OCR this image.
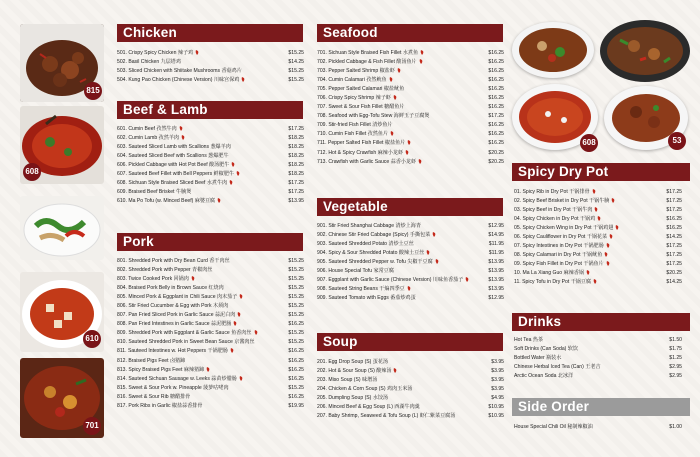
815
608
610
701
608	53
Chicken
501. Crispy Spicy Chicken 辣子鸡	$15.25
502. Basil Chicken 九层塔鸡	$14.25
503. Sliced Chicken with Shiitake Mushrooms 香菇鸡片	$15.25
504. Kung Pao Chicken (Chinese Version) 川味宫保鸡	$15.25
Beef & Lamb
601. Cumin Beef 孜然牛肉	$17.25
602. Cumin Lamb 孜然羊肉	$18.25
603. Sauteed Sliced Lamb with Scallions 葱爆羊肉	$18.25
604. Sauteed Sliced Beef with Scallions 葱爆肥牛	$18.25
606. Pickled Cabbage with Hot Pot Beef 酸汤肥牛	$18.25
607. Sauteed Beef Fillet with Bell Peppers 鲜椒肥牛	$18.25
608. Sichuan Style Braised Sliced Beef 水煮牛肉	$17.25
609. Braised Beef Brisket 牛腩煲	$17.25
610. Ma Po Tofu (w. Minced Beef) 麻婆豆腐	$13.95
Pork
801. Shredded Pork with Dry Bean Curd 香干肉丝	$15.25
802. Shredded Pork with Pepper 青椒肉丝	$15.25
803. Twice Cooked Pork 回锅肉	$15.25
804. Braised Pork Belly in Brown Sauce 红烧肉	$15.25
805. Minced Pork & Eggplant in Chili Sauce 肉末茄子	$15.25
806. Stir Fried Cucumber & Egg with Pork 木须肉	$15.25
807. Pan Fried Sliced Pork in Garlic Sauce 蒜泥白肉	$15.25
808. Pan Fried Intestines in Garlic Sauce 蒜泥肥肠	$16.25
809. Shredded Pork with Eggplant & Garlic Sauce 鱼香肉丝	$15.25
810. Sauteed Shredded Pork in Sweet Bean Sauce 京酱肉丝	$15.25
811. Sauteed Intestines w. Hot Peppers 干锅肥肠	$16.25
812. Braised Pigs Feet 卤猪蹄	$16.25
813. Spicy Braised Pigs Feet 麻辣猪蹄	$16.25
814. Sauteed Sichuan Sausage w. Leeks 蒜苗炒腊肠	$16.25
815. Sweet & Sour Pork w. Pineapple 菠萝咕咾肉	$15.25
816. Sweet & Sour Rib 糖醋排骨	$16.25
817. Pork Ribs in Garlic 椒盐蒜香排骨	$19.95
Seafood
701. Sichuan Style Braised Fish Fillet 水煮鱼	$16.25
702. Pickled Cabbage & Fish Fillet 酸汤鱼片	$16.25
703. Pepper Salted Shrimp 椒盐虾	$16.25
704. Cumin Calamari 孜然鱿鱼	$16.25
705. Pepper Salted Calamari 椒盐鱿鱼	$16.25
706. Crispy Spicy Shrimp 辣子虾	$16.25
707. Sweet & Sour Fish Fillet 糖醋鱼片	$16.25
708. Seafood with Egg-Tofu Stew 海鲜玉子豆腐煲	$17.25
709. Stir-fried Fish Fillet 清炒鱼片	$16.25
710. Cumin Fish Fillet 孜然鱼片	$16.25
711. Pepper Salted Fish Fillet 椒盐鱼片	$16.25
712. Hot & Spicy Crawfish 麻辣小龙虾	$20.25
713. Crawfish with Garlic Sauce 蒜香小龙虾	$20.25
Vegetable
901. Stir Fried Shanghai Cabbage 清炒上海青	$12.95
902. Chinese Stir Fried Cabbage (Spicy) 手撕包菜	$14.95
903. Sauteed Shredded Potato 清炒土豆丝	$11.95
904. Spicy & Sour Shredded Potato 酸辣土豆丝	$11.95
905. Sauteed Shredded Pepper w. Tofu 尖椒干豆腐	$13.95
906. House Special Tofu 家常豆腐	$13.95
907. Eggplant with Garlic Sauce (Chinese Version) 川味鱼香茄子	$13.95
908. Sauteed String Beans 干煸四季豆	$13.95
909. Sauteed Tomato with Eggs 番茄炒鸡蛋	$12.95
Soup
201. Egg Drop Soup (S) 蛋花汤	$3.95
202. Hot & Sour Soup (S) 酸辣汤	$3.95
203. Miso Soup (S) 味增汤	$3.95
204. Chicken & Corn Soup (S) 鸡肉玉米汤	$3.95
205. Dumpling Soup (S) 水饺汤	$4.95
206. Minced Beef & Egg Soup (L) 西湖牛肉羹	$10.95
207. Baby Shrimp, Seaweed & Tofu Soup (L) 虾仁紫菜豆腐汤	$10.95
Spicy Dry Pot
01. Spicy Rib in Dry Pot 干锅排骨	$17.25
02. Spicy Beef Brisket in Dry Pot 干锅牛腩	$17.25
03. Spicy Beef in Dry Pot 干锅牛肉	$17.25
04. Spicy Chicken in Dry Pot 干锅鸡	$16.25
05. Spicy Chicken Wing in Dry Pot 干锅鸡翅	$16.25
06. Spicy Cauliflower in Dry Pot 干锅花菜	$14.25
07. Spicy Intestines in Dry Pot 干锅肥肠	$17.25
08. Spicy Calamari in Dry Pot 干锅鱿鱼	$17.25
09. Spicy Fish Fillet in Dry Pot 干锅鱼片	$17.25
10. Ma La Xiang Guo 麻辣香锅	$20.25
11. Spicy Tofu in Dry Pot 干锅豆腐	$14.25
Drinks
Hot Tea 热茶	$1.50
Soft Drinks (Can Soda) 软饮	$1.75
Bottled Water 瓶装水	$1.25
Chinese Herbal Iced Tea (Can) 王老吉	$2.95
Arctic Ocean Soda 北冰洋	$2.95
Side Order
House Special Chili Oil 秘制辣椒油	$1.00
